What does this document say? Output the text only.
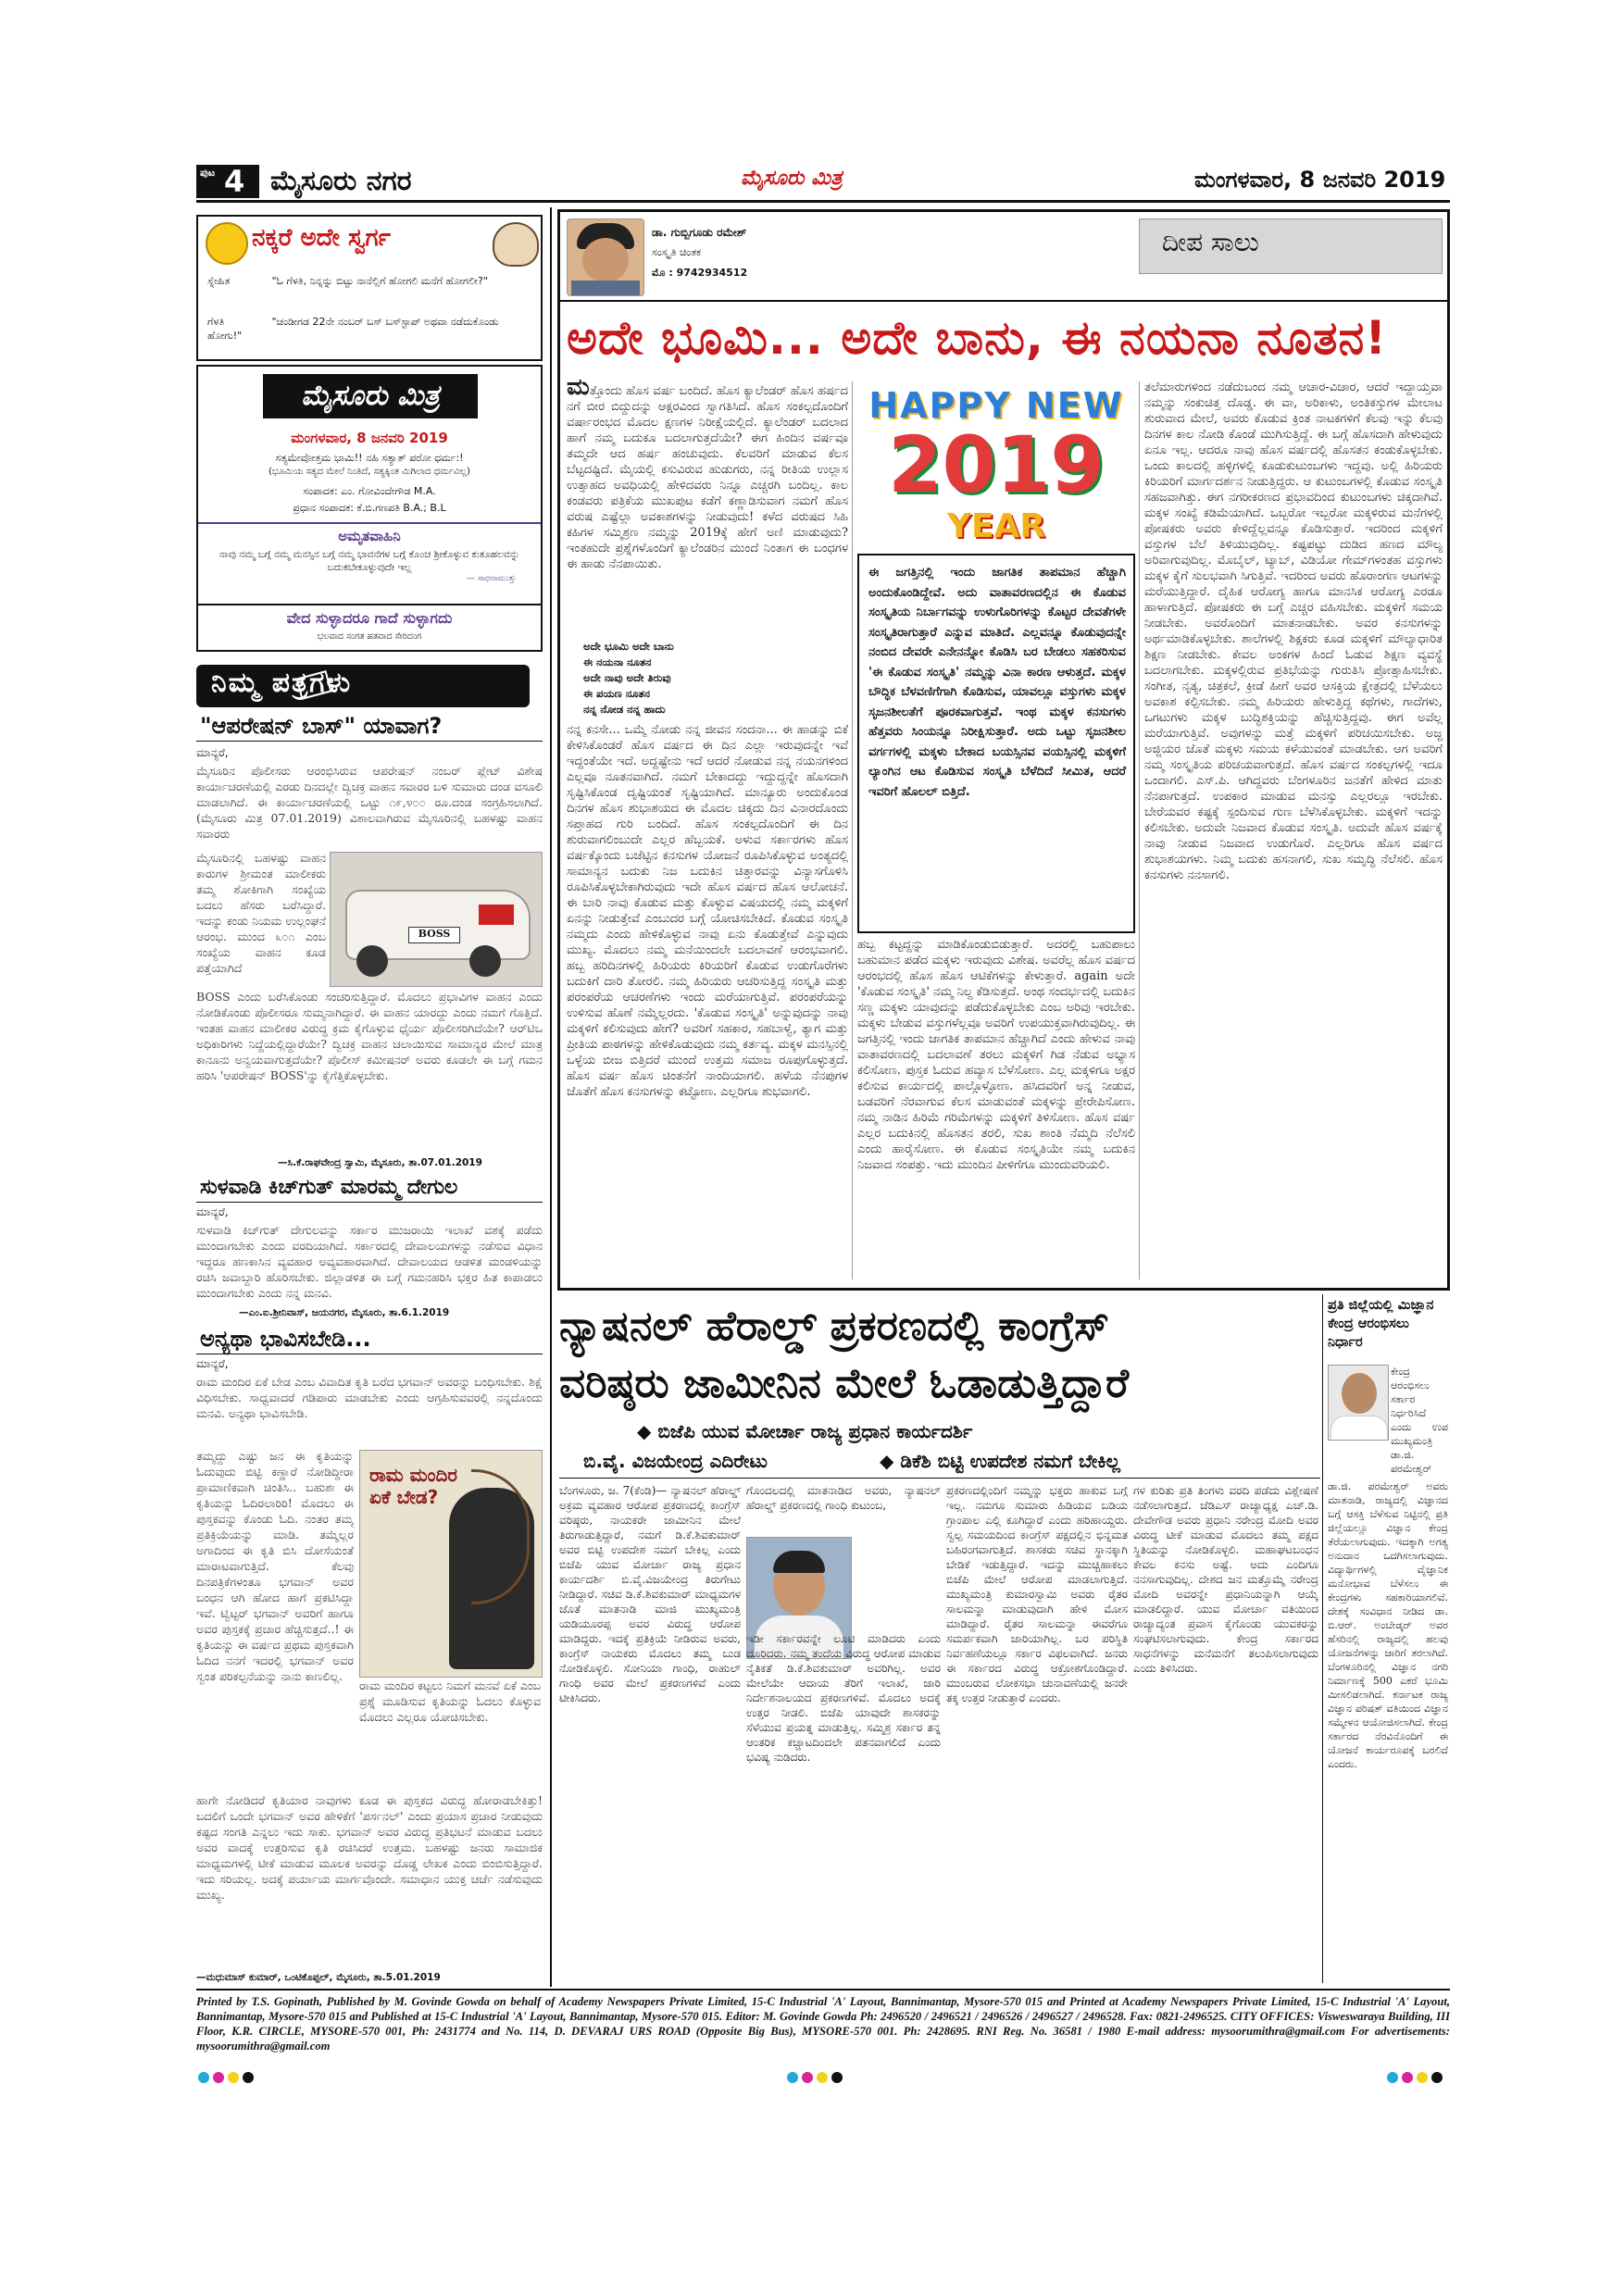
ಪುಟ 4 ಮೈಸೂರು ನಗರ	ಮೈಸೂರು ಮಿತ್ರ	ಮಂಗಳವಾರ, 8 ಜನವರಿ 2019
ನಕ್ಕರೆ ಅದೇ ಸ್ವರ್ಗ
ಸ್ನೇಹಿತ	"ಓ ಗೆಳತಿ, ನಿನ್ನನ್ನು ಬಿಟ್ಟು ನಾನೆಲ್ಲಿಗೆ ಹೋಗಲಿ ಮನೆಗೆ ಹೋಗಲೀ?"
ಗೆಳತಿ	"ಚಂಡೀಗಡ 22ನೇ ನಂಬರ್ ಬಸ್ ಬಸ್‌ಸ್ಟಾಪ್ ಅಥವಾ ನಡೆದುಕೊಂಡು ಹೋಗು!"
ಮೈಸೂರು ಮಿತ್ರ
ಮಂಗಳವಾರ, 8 ಜನವರಿ 2019
ಸತ್ಯಮೇವೋತ್ತಮ ಭಾಮಿ!! ನಹಿ ಸತ್ಯಾತ್ ಪರೋ ಧರ್ಮ:!
(ಭೂಮಿಯ ಸತ್ಯದ ಮೇಲೆ ನಿಂತಿದೆ, ಸತ್ಯಕ್ಕಿಂತ ಮಿಗಿಲಾದ ಧರ್ಮವಿಲ್ಲ)
ಸಂಪಾದಕ: ಎಂ. ಗೋವಿಂದೇಗೌಡ M.A.
ಪ್ರಧಾನ ಸಂಪಾದಕ: ಕೆ.ಬಿ.ಗಣಪತಿ B.A.; B.L
ಅಮೃತವಾಹಿನಿ
ನಾವು ನಮ್ಮ ಬಗ್ಗೆ ನಮ್ಮ ಮನಸ್ಸಿನ ಬಗ್ಗೆ ನಮ್ಮ ಭಾವನೆಗಳ ಬಗ್ಗೆ ಕೊಂಚ ಶ್ರೀಕೊಳ್ಳುವ ಕುತೂಹಲವನ್ನು ಬದುಕಬೇಕೂಳ್ಳುವುದೇ ಇಲ್ಲ
— ಸಾಧನಾಮುತ್ತು
ವೇದ ಸುಳ್ಳಾದರೂ ಗಾದೆ ಸುಳ್ಳಾಗದು
ಭಲವಾದ ಸಂಗತ ಹತವಾದ ಸೇರಿದಂಗ
ನಿಮ್ಮ ಪತ್ರಗಳು
"ಆಪರೇಷನ್ ಬಾಸ್" ಯಾವಾಗ?
ಮಾನ್ಯರೆ,
ಮೈಸೂರಿನ ಪೊಲೀಸರು ಆರಂಭಿಸಿರುವ ಆಪರೇಷನ್ ನಂಬರ್ ಪ್ಲೇಟ್ ವಿಶೇಷ ಕಾರ್ಯಾಚರಣೆಯಲ್ಲಿ ಎರಡು ದಿನದಲ್ಲೇ ದ್ವಿಚಕ್ರ ವಾಹನ ಸವಾರರ ಬಳಿ ಸುಮಾರು ದಂಡ ವಸೂಲಿ ಮಾಡಲಾಗಿದೆ. ಈ ಕಾರ್ಯಾಚರಣೆಯಲ್ಲಿ ಒಟ್ಟು ೧೯,೪೦೦ ರೂ.ದಂಡ ಸಂಗ್ರಹಿಸಲಾಗಿದೆ. (ಮೈಸೂರು ಮಿತ್ರ 07.01.2019) ವಿಶಾಲವಾಗಿರುವ ಮೈಸೂರಿನಲ್ಲಿ ಬಹಳಷ್ಟು ವಾಹನ ಸವಾರರು
ಮೈಸೂರಿನಲ್ಲಿ ಬಹಳಷ್ಟು ವಾಹನ ಕಾರುಗಳ ಶ್ರೀಮಂತ ಮಾಲೀಕರು ತಮ್ಮ ಶೋಕಿಗಾಗಿ ಸಂಖ್ಯೆಯ ಬದಲು ಹೆಸರು ಬರೆಸಿದ್ದಾರೆ. ಇದನ್ನು ಕಂಡು ನಿಯಮ ಉಲ್ಲಂಘನೆ ಆರಂಭ. ಮುಂದ ೩೦೧ ಎಂಬ ಸಂಖ್ಯೆಯ ವಾಹನ ಕೂಡ ಪತ್ತೆಯಾಗಿದೆ
BOSS
BOSS ಎಂದು ಬರೆಸಿಕೊಂಡು ಸಂಚರಿಸುತ್ತಿದ್ದಾರೆ. ಮೊದಲು ಪ್ರಭಾವಿಗಳ ವಾಹನ ಎಂದು ನೋಡಿಕೊಂಡು ಪೊಲೀಸರೂ ಸುಮ್ಮನಾಗಿದ್ದಾರೆ. ಈ ವಾಹನ ಯಾರದ್ದು ಎಂದು ನಮಗೆ ಗೊತ್ತಿದೆ. ಇಂತಹ ವಾಹನ ಮಾಲೀಕರ ವಿರುದ್ಧ ಕ್ರಮ ಕೈಗೊಳ್ಳುವ ಧೈರ್ಯ ಪೊಲೀಸರಿಗಿದೆಯೇ? ಆರ್‌ಟಿಒ ಅಧಿಕಾರಿಗಳು ನಿದ್ದೆಯಲ್ಲಿದ್ದಾರೆಯೇ? ದ್ವಿಚಕ್ರ ವಾಹನ ಚಲಾಯಿಸುವ ಸಾಮಾನ್ಯರ ಮೇಲೆ ಮಾತ್ರ ಕಾನೂನು ಅನ್ವಯವಾಗುತ್ತದೆಯೇ? ಪೊಲೀಸ್ ಕಮೀಷನರ್ ಅವರು ಕೂಡಲೇ ಈ ಬಗ್ಗೆ ಗಮನ ಹರಿಸಿ 'ಆಪರೇಷನ್ BOSS'ನ್ನು ಕೈಗೆತ್ತಿಕೊಳ್ಳಬೇಕು.
—ಸಿ.ಕೆ.ರಾಘವೇಂದ್ರ ಸ್ವಾಮಿ, ಮೈಸೂರು, ತಾ.07.01.2019
ಸುಳವಾಡಿ ಕಿಚ್‌ಗುತ್ ಮಾರಮ್ಮ ದೇಗುಲ
ಮಾನ್ಯರೆ,
ಸುಳವಾಡಿ ಕಿಚ್‌ಗುತ್ ದೇಗುಲವನ್ನು ಸರ್ಕಾರ ಮುಜರಾಯಿ ಇಲಾಖೆ ವಶಕ್ಕೆ ಪಡೆದು ಮುಂದಾಗಬೇಕು ಎಂದು ವರದಿಯಾಗಿದೆ. ಸರ್ಕಾರದಲ್ಲಿ ದೇವಾಲಯಗಳನ್ನು ನಡೆಸುವ ವಿಧಾನ ಇದ್ದರೂ ಹಣಕಾಸಿನ ವ್ಯವಹಾರ ಅವ್ಯವಹಾರವಾಗಿದೆ. ದೇವಾಲಯದ ಆಡಳಿತ ಮಂಡಳಿಯನ್ನು ರಚಿಸಿ ಜವಾಬ್ದಾರಿ ಹೊರಿಸಬೇಕು. ಜಿಲ್ಲಾಡಳಿತ ಈ ಬಗ್ಗೆ ಗಮನಹರಿಸಿ ಭಕ್ತರ ಹಿತ ಕಾಪಾಡಲು ಮುಂದಾಗಬೇಕು ಎಂದು ನನ್ನ ಮನವಿ.
—ಎಂ.ಐ.ಶ್ರೀನಿವಾಸ್, ಜಯನಗರ, ಮೈಸೂರು, ತಾ.6.1.2019
ಅನ್ಯಥಾ ಭಾವಿಸಬೇಡಿ...
ಮಾನ್ಯರೆ,
ರಾಮ ಮಂದಿರ ಏಕೆ ಬೇಡ ಎಂಬ ವಿವಾದಿತ ಕೃತಿ ಬರೆದ ಭಗವಾನ್ ಅವರನ್ನು ಬಂಧಿಸಬೇಕು. ಶಿಕ್ಷೆ ವಿಧಿಸಬೇಕು. ಸಾಧ್ವವಾದರೆ ಗಡಿಪಾರು ಮಾಡಬೇಕು ಎಂದು ಆಗ್ರಹಿಸುವವರಲ್ಲಿ ನನ್ನದೊಂದು ಮನವಿ. ಅನ್ಯಥಾ ಭಾವಿಸಬೇಡಿ.
ತಮ್ಮದ್ದು ಎಷ್ಟು ಜನ ಈ ಕೃತಿಯನ್ನು ಓದುವುದು ಬಿಟ್ಟಿ ಕಣ್ಣಾರೆ ನೋಡಿದ್ದೀರಾ ಪ್ರಾಮಾಣಿಕವಾಗಿ ಚಿಂತಿಸಿ.. ಬಹುಶಃ ಈ ಕೃತಿಯನ್ನು ಓದಿರಲಾರಿರಿ! ಮೊದಲು ಈ ಪುಸ್ತಕವನ್ನು ಕೊಂಡು ಓದಿ. ನಂತರ ತಮ್ಮ ಪ್ರತಿಕ್ರಿಯೆಯನ್ನು ಮಾಡಿ. ತಮ್ಮೆಲ್ಲರ ಅಗಾದಿಂದ ಈ ಕೃತಿ ಬಿಸಿ ದೋಸೆಯಂತೆ ಮಾರಾಟವಾಗುತ್ತಿದೆ. ಕೆಲವು ದಿನಪತ್ರಿಕೆಗಳಂತೂ ಭಗವಾನ್ ಅವರ ಬಂಧನ ಆಗಿ ಹೋದ ಹಾಗೆ ಪ್ರಕಟಿಸಿದ್ದಾ ಇವೆ. ಟ್ವಿಟ್ಟರ್ ಭಗವಾನ್ ಅವರಿಗೆ ಹಾಗೂ ಅವರ ಪುಸ್ತಕಕ್ಕೆ ಪ್ರಚಾರ ಹೆಚ್ಚಿಸುತ್ತದೆ..! ಈ ಕೃತಿಯನ್ನು ಈ ವರ್ಷದ ಪ್ರಥಮ ಪುಸ್ತಕವಾಗಿ ಓದಿದ ನನಗೆ ಇದರಲ್ಲಿ ಭಗವಾನ್ ಅವರ ಸ್ವಂತ ಪರಿಕಲ್ಪನೆಯನ್ನು ನಾನು ಕಾಣಲಿಲ್ಲ.
ರಾಮ ಮಂದಿರ ಏಕೆ ಬೇಡ?
ರಾಮ ಮಂದಿರ ಕಟ್ಟಲು ನಿಮಗೆ ಮನವೆ ಏಕೆ ಎಂಬ ಪ್ರಶ್ನೆ ಮೂಡಿಸುವ ಕೃತಿಯನ್ನು ಓದಲು ಕೊಳ್ಳುವ ಮೊದಲು ಎಲ್ಲರೂ ಯೋಚಿಸಬೇಕು.
ಹಾಗೇ ನೋಡಿದರೆ ಕೃತಿಯಾರ ನಾವುಗಳು ಕೂಡ ಈ ಪುಸ್ತಕದ ವಿರುದ್ಧ ಹೋರಾಡಬೇಕಿತ್ತು! ಬದಲಿಗೆ ಒಂದೇ ಭಗವಾನ್ ಅವರ ಹೇಳಿಕೆಗೆ 'ಪರ್ಸನಲ್' ಎಂದು ಪ್ರಯಾಸ ಪ್ರಚಾರ ನೀಡುವುದು ಕಷ್ಟದ ಸಂಗತಿ ಎನ್ನಲು ಇದು ಸಾಕು. ಭಗವಾನ್ ಅವರ ವಿರುದ್ಧ ಪ್ರತಿಭಟನೆ ಮಾಡುವ ಬದಲು ಅವರ ವಾದಕ್ಕೆ ಉತ್ತರಿಸುವ ಕೃತಿ ರಚಿಸಿದರೆ ಉತ್ತಮ. ಬಹಳಷ್ಟು ಜನರು ಸಾಮಾಜಿಕ ಮಾಧ್ಯಮಗಳಲ್ಲಿ ಟೀಕೆ ಮಾಡುವ ಮೂಲಕ ಅವರನ್ನು ದೊಡ್ಡ ಲೇಖಕ ಎಂದು ಬಿಂಬಿಸುತ್ತಿದ್ದಾರೆ. ಇದು ಸರಿಯಲ್ಲ. ಅದಕ್ಕೆ ಪರ್ಯಾಯ ಮಾರ್ಗವೊಂದೇ. ಸಮಾಧಾನ ಯುಕ್ತ ಚರ್ಚೆ ನಡೆಸುವುದು ಮುಖ್ಯ.
—ಮಧುಮಾಸ್ ಕುಮಾರ್, ಒಂಟಿಕೊಪ್ಪಲ್, ಮೈಸೂರು, ತಾ.5.01.2019
ಡಾ. ಗುಬ್ಬಿಗೂಡು ರಮೇಶ್
ಸಂಸ್ಕೃತಿ ಚಿಂತಕ
ಮೊ : 9742934512
ದೀಪ ಸಾಲು
ಅದೇ ಭೂಮಿ... ಅದೇ ಬಾನು, ಈ ನಯನಾ ನೂತನ!
ಮತ್ತೊಂದು ಹೊಸ ವರ್ಷ ಬಂದಿದೆ. ಹೊಸ ಕ್ಯಾಲೆಂಡರ್ ಹೊಸ ಹರ್ಷದ ನಗೆ ಬೀರ ಬಿದ್ದುದನ್ನು ಆಕ್ಷರವಿಂದ ಸ್ವಾಗತಿಸಿದೆ. ಹೊಸ ಸಂಕಲ್ಪದೊಂದಿಗೆ ವರ್ಷಾರಂಭದ ಮೊದಲ ಕ್ಷಣಗಳ ನಿರೀಕ್ಷೆಯಲ್ಲಿದೆ. ಕ್ಯಾಲೆಂಡರ್ ಬದಲಾದ ಹಾಗೆ ನಮ್ಮ ಬದುಕೂ ಬದಲಾಗುತ್ತದೆಯೇ? ಈಗ ಹಿಂದಿನ ವರ್ಷವೂ ತಮ್ಮದೇ ಆದ ಹರ್ಷ ಹಂಚುವುದು. ಕೆಲವರಿಗೆ ಮಾಡುವ ಕೆಲಸ ಬೆಟ್ಟದಷ್ಟಿದೆ. ಮೈಯಲ್ಲಿ ಕಸುವಿರುವ ಹುಡುಗರು, ನನ್ನ ರೀತಿಯ ಉಲ್ಲಾಸ ಉತ್ಸಾಹದ ಅವಧಿಯಲ್ಲಿ ಹೇಳಿದವರು ನಿನ್ನೂ ಎಚ್ಚರಗಿ ಬಂದಿಲ್ಲ. ಕಾಲ ಕಂಡವರು ಪತ್ರಿಕೆಯ ಮುಖಪುಟ ಕಡೆಗೆ ಕಣ್ಣಾಡಿಸುವಾಗ ನಮಗೆ ಹೊಸ ವರುಷ ಎಷ್ಟೆಲ್ಲಾ ಅವಕಾಶಗಳನ್ನು ನೀಡುವುದು! ಕಳೆದ ವರುಷದ ಸಿಹಿ ಕಹಿಗಳ ಸಮ್ಮಿಶ್ರಣ ನಮ್ಮನ್ನು 2019ಕ್ಕೆ ಹೇಗೆ ಅಣಿ ಮಾಡುವುದು? ಇಂತಹುದೇ ಪ್ರಶ್ನೆಗಳೊಂದಿಗೆ ಕ್ಯಾಲೆಂಡರಿನ ಮುಂದೆ ನಿಂತಾಗ ಈ ಬಂಧಗಳ ಈ ಹಾಡು ನೆನಪಾಯಿತು.
ಅದೇ ಭೂಮಿ ಅದೇ ಬಾನು
ಈ ನಯನಾ ನೂತನ
ಅದೇ ನಾವು ಅದೇ ತಿರುವು
ಈ ಪಯಣ ನೂತನ
ನನ್ನ ನೋಡ ನನ್ನ ಹಾದು
ನನ್ನ ಕನಸೇ... ಒಮ್ಮೆ ನೋಡು ನನ್ನ ಜೀವನ ಸಂದನಾ... ಈ ಹಾಡನ್ನು ಬಿಕೆ ಕೇಳಿಸಿಕೊಂಡರೆ ಹೊಸ ವರ್ಷದ ಈ ದಿನ ಎಲ್ಲಾ ಇರುವುದನ್ನೇ ಇವೆ ಇದ್ದಂತೆಯೇ ಇದೆ. ಅದ್ದಷ್ಟೇನು ಇದೆ ಆದರೆ ನೋಡುವ ನನ್ನ ನಯನಗಳಿಂದ ಎಲ್ಲವೂ ನೂತನವಾಗಿದೆ. ನಮಗೆ ಬೇಕಾದದ್ದು ಇದ್ದುದ್ದನ್ನೇ ಹೊಸದಾಗಿ ಸೃಷ್ಟಿಸಿಕೊಂಡ ದೃಷ್ಟಿಯಂತೆ ಸೃಷ್ಟಿಯಾಗಿದೆ. ಮಾನ್ಯೂರು ಅಂದುಕೊಂಡ ದಿನಗಳ ಹೊಸ ಶುಭಾಶಯದ ಈ ಮೊದಲ ಚಿಕ್ಕದು ದಿನ ವಿನಾರದೊಂದು ಸಪ್ತಾಹದ ಗುರಿ ಬಂದಿದೆ. ಹೊಸ ಸಂಕಲ್ಪದೊಂದಿಗೆ ಈ ದಿನ ಶುರುವಾಗಲಿಂಬುದೇ ಎಲ್ಲರ ಹೆಬ್ಬಯಕೆ. ಅಳುವ ಸರ್ಕಾರಗಳು ಹೊಸ ವರ್ಷಕ್ಕೊಂದು ಬಜೆಟ್ಟಿನ ಕನಸುಗಳ ಯೋಜನೆ ರೂಪಿಸಿಕೊಳ್ಳುವ ಅಂತ್ಯದಲ್ಲಿ ಸಾಮಾನ್ಯನ ಬದುಕು ನಿಜ ಬದುಕಿನ ಚಿತ್ತಾರವನ್ನು ವಿನ್ಯಾಸಗೊಳಿಸಿ ರೂಪಿಸಿಕೊಳ್ಳಬೇಕಾಗಿರುವುದು ಇದೇ ಹೊಸ ವರ್ಷದ ಹೊಸ ಆಲೋಚನೆ. ಈ ಬಾರಿ ನಾವು ಕೊಡುವ ಮತ್ತು ಕೊಳ್ಳುವ ವಿಷಯದಲ್ಲಿ ನಮ್ಮ ಮಕ್ಕಳಿಗೆ ಏನನ್ನು ನೀಡುತ್ತೇವೆ ಎಂಬುದರ ಬಗ್ಗೆ ಯೋಚಿಸಬೇಕಿದೆ. ಕೊಡುವ ಸಂಸ್ಕೃತಿ ನಮ್ಮದು ಎಂದು ಹೇಳಿಕೊಳ್ಳುವ ನಾವು ಏನು ಕೊಡುತ್ತೇವೆ ಎನ್ನುವುದು ಮುಖ್ಯ. ಮೊದಲು ನಮ್ಮ ಮನೆಯಿಂದಲೇ ಬದಲಾವಣೆ ಆರಂಭವಾಗಲಿ. ಹಬ್ಬ ಹರಿದಿನಗಳಲ್ಲಿ ಹಿರಿಯರು ಕಿರಿಯರಿಗೆ ಕೊಡುವ ಉಡುಗೊರೆಗಳು ಬದುಕಿಗೆ ದಾರಿ ತೋರಲಿ. ನಮ್ಮ ಹಿರಿಯರು ಆಚರಿಸುತ್ತಿದ್ದ ಸಂಸ್ಕೃತಿ ಮತ್ತು ಪರಂಪರೆಯ ಆಚರಣೆಗಳು ಇಂದು ಮರೆಯಾಗುತ್ತಿವೆ. ಪರಂಪರೆಯನ್ನು ಉಳಿಸುವ ಹೊಣೆ ನಮ್ಮೆಲ್ಲರದು. 'ಕೊಡುವ ಸಂಸ್ಕೃತಿ' ಅನ್ನುವುದನ್ನು ನಾವು ಮಕ್ಕಳಿಗೆ ಕಲಿಸುವುದು ಹೇಗೆ? ಅವರಿಗೆ ಸಹಕಾರ, ಸಹಬಾಳ್ವೆ, ತ್ಯಾಗ ಮತ್ತು ಪ್ರೀತಿಯ ಪಾಠಗಳನ್ನು ಹೇಳಿಕೊಡುವುದು ನಮ್ಮ ಕರ್ತವ್ಯ. ಮಕ್ಕಳ ಮನಸ್ಸಿನಲ್ಲಿ ಒಳ್ಳೆಯ ಬೀಜ ಬಿತ್ತಿದರೆ ಮುಂದೆ ಉತ್ತಮ ಸಮಾಜ ರೂಪುಗೊಳ್ಳುತ್ತದೆ. ಹೊಸ ವರ್ಷ ಹೊಸ ಚಿಂತನೆಗೆ ನಾಂದಿಯಾಗಲಿ. ಹಳೆಯ ನೆನಪುಗಳ ಜೊತೆಗೆ ಹೊಸ ಕನಸುಗಳನ್ನು ಕಟ್ಟೋಣ. ಎಲ್ಲರಿಗೂ ಶುಭವಾಗಲಿ.
HAPPY NEW
2019
YEAR
ಈ ಜಗತ್ತಿನಲ್ಲಿ ಇಂದು ಜಾಗತಿಕ ತಾಪಮಾನ ಹೆಚ್ಚಾಗಿ ಅಂದುಕೊಂಡಿದ್ದೇವೆ. ಅದು ವಾತಾವರಣದಲ್ಲಿನ ಈ ಕೊಡುವ ಸಂಸ್ಕೃತಿಯ ನಿರ್ಬಾಗವನ್ನು ಉಳುಗೊರಿಗಳನ್ನು ಕೊಟ್ಟರ ದೇವತೆಗಳೇ ಸಂಸ್ಕೃತಿರಾಗುತ್ತಾರೆ ಎನ್ನುವ ಮಾತಿದೆ. ಎಲ್ಲವನ್ನೂ ಕೊಡುವುದನ್ನೇ ನಂಬಿದ ದೇವರೇ ಎನೇನನ್ನೋ ಕೊಡಿಸಿ ಬರ ಬೇಡಲು ಸಹಕರಿಸುವ 'ಈ ಕೊಡುವ ಸಂಸ್ಕೃತಿ' ನಮ್ಮನ್ನು ವಿನಾ ಕಾರಣ ಆಳುತ್ತದೆ. ಮಕ್ಕಳ ಬೌದ್ಧಿಕ ಬೆಳವಣಿಗೆಗಾಗಿ ಕೊಡಿಸುವ, ಯಾವಲ್ಲೂ ವಸ್ತುಗಳು ಮಕ್ಕಳ ಸೃಜನಶೀಲತೆಗೆ ಪೂರಕವಾಗುತ್ತವೆ. ಇಂಥ ಮಕ್ಕಳ ಕನಸುಗಳು ಹೆತ್ತವರು ಸಿಂಯನ್ನೂ ನಿರೀಕ್ಷಿಸುತ್ತಾರೆ. ಅದು ಒಟ್ಟು ಸೃಜನಶೀಲ ವರ್ಗಗಳಲ್ಲಿ ಮಕ್ಕಳು ಬೇಕಾದ ಬಯಸ್ಸಿನವ ವಯಸ್ಸಿನಲ್ಲಿ ಮಕ್ಕಳಿಗೆ ಲ್ಯಾಂಗಿನ ಆಟ ಕೊಡಿಸುವ ಸಂಸ್ಕೃತಿ ಬೆಳೆದಿದೆ ಸೀಮಿತ, ಆದರೆ ಇವರಿಗೆ ಹೊಲಲ್ ಬಿತ್ತಿದೆ.
ಹಬ್ಬ ಕಟ್ಟದ್ದನ್ನು ಮಾಡಿಕೊಂಡುಬಿಡುತ್ತಾರೆ. ಅದರಲ್ಲಿ ಬಹುಪಾಲು ಬಹುಮಾನ ಪಡೆದ ಮಕ್ಕಳು ಇರುವುದು ವಿಶೇಷ. ಅವರೆಲ್ಲ ಹೊಸ ವರ್ಷದ ಆರಂಭದಲ್ಲಿ ಹೊಸ ಹೊಸ ಆಟಿಕೆಗಳನ್ನು ಕೇಳುತ್ತಾರೆ. again ಅದೇ 'ಕೊಡುವ ಸಂಸ್ಕೃತಿ' ನಮ್ಮ ನಿಲ್ದ ಕೆಡಿಸುತ್ತದೆ. ಅಂಥ ಸಂದರ್ಭದಲ್ಲಿ ಬದುಕಿನ ಸಣ್ಣ ಮಕ್ಕಳು ಯಾವುದನ್ನು ಪಡೆದುಕೊಳ್ಳಬೇಕು ಎಂಬ ಅರಿವು ಇರಬೇಕು. ಮಕ್ಕಳು ಬೇಡುವ ವಸ್ತುಗಳೆಲ್ಲವೂ ಅವರಿಗೆ ಉಪಯುಕ್ತವಾಗಿರುವುದಿಲ್ಲ. ಈ ಜಗತ್ತಿನಲ್ಲಿ ಇಂದು ಜಾಗತಿಕ ತಾಪಮಾನ ಹೆಚ್ಚಾಗಿದೆ ಎಂದು ಹೇಳುವ ನಾವು ವಾತಾವರಣದಲ್ಲಿ ಬದಲಾವಣೆ ತರಲು ಮಕ್ಕಳಿಗೆ ಗಿಡ ನೆಡುವ ಅಭ್ಯಾಸ ಕಲಿಸೋಣ. ಪುಸ್ತಕ ಓದುವ ಹವ್ಯಾಸ ಬೆಳೆಸೋಣ. ಎಲ್ಲ ಮಕ್ಕಳಿಗೂ ಅಕ್ಷರ ಕಲಿಸುವ ಕಾರ್ಯದಲ್ಲಿ ಪಾಲ್ಗೊಳ್ಳೋಣ. ಹಸಿದವರಿಗೆ ಅನ್ನ ನೀಡುವ, ಬಡವರಿಗೆ ನೆರವಾಗುವ ಕೆಲಸ ಮಾಡುವಂತೆ ಮಕ್ಕಳನ್ನು ಪ್ರೇರೇಪಿಸೋಣ. ನಮ್ಮ ನಾಡಿನ ಹಿರಿಮೆ ಗರಿಮೆಗಳನ್ನು ಮಕ್ಕಳಿಗೆ ತಿಳಿಸೋಣ. ಹೊಸ ವರ್ಷ ಎಲ್ಲರ ಬದುಕಿನಲ್ಲಿ ಹೊಸತನ ತರಲಿ, ಸುಖ ಶಾಂತಿ ನೆಮ್ಮದಿ ನೆಲೆಸಲಿ ಎಂದು ಹಾರೈಸೋಣ. ಈ ಕೊಡುವ ಸಂಸ್ಕೃತಿಯೇ ನಮ್ಮ ಬದುಕಿನ ನಿಜವಾದ ಸಂಪತ್ತು. ಇದು ಮುಂದಿನ ಪೀಳಿಗೆಗೂ ಮುಂದುವರಿಯಲಿ.
ತಲೆಮಾರುಗಳಿಂದ ನಡೆದುಬಂದ ನಮ್ಮ ಆಚಾರ-ವಿಚಾರ, ಆದರೆ ಇದ್ದಾಯ್ತವಾ ನಮ್ಮನ್ನು ಸಂಕುಚಿತ್ತ ದೊಡ್ಡ. ಈ ವಾ, ಅರಿಕಾಳು, ಅಂತಿಕಸ್ತುಗಳ ಮೇಲಾಟ ಶುರುವಾದ ಮೇಲೆ, ಅವರು ಕೊಡುವ ಕ್ರಿಂತ ನಾಟಕಗಳಿಗೆ ಕೆಲವು ಇನ್ನು ಕೆಲವು ದಿನಗಳ ಕಾಲ ನೋಡಿ ಕೊಂಡೆ ಮುಗಿಸುತ್ತಿದ್ದೆ. ಈ ಬಗ್ಗೆ ಹೊಸದಾಗಿ ಹೇಳುವುದು ಏನೂ ಇಲ್ಲ. ಆದರೂ ನಾವು ಹೊಸ ವರ್ಷದಲ್ಲಿ ಹೊಸತನ ಕಂಡುಕೊಳ್ಳಬೇಕು. ಒಂದು ಕಾಲದಲ್ಲಿ ಹಳ್ಳಿಗಳಲ್ಲಿ ಕೂಡುಕುಟುಂಬಗಳು ಇದ್ದವು. ಅಲ್ಲಿ ಹಿರಿಯರು ಕಿರಿಯರಿಗೆ ಮಾರ್ಗದರ್ಶನ ನೀಡುತ್ತಿದ್ದರು. ಆ ಕುಟುಂಬಗಳಲ್ಲಿ ಕೊಡುವ ಸಂಸ್ಕೃತಿ ಸಹಜವಾಗಿತ್ತು. ಈಗ ನಗರೀಕರಣದ ಪ್ರಭಾವದಿಂದ ಕುಟುಂಬಗಳು ಚಿಕ್ಕದಾಗಿವೆ. ಮಕ್ಕಳ ಸಂಖ್ಯೆ ಕಡಿಮೆಯಾಗಿದೆ. ಒಬ್ಬರೋ ಇಬ್ಬರೋ ಮಕ್ಕಳಿರುವ ಮನೆಗಳಲ್ಲಿ ಪೋಷಕರು ಅವರು ಕೇಳಿದ್ದೆಲ್ಲವನ್ನೂ ಕೊಡಿಸುತ್ತಾರೆ. ಇದರಿಂದ ಮಕ್ಕಳಿಗೆ ವಸ್ತುಗಳ ಬೆಲೆ ತಿಳಿಯುವುದಿಲ್ಲ. ಕಷ್ಟಪಟ್ಟು ದುಡಿದ ಹಣದ ಮೌಲ್ಯ ಅರಿವಾಗುವುದಿಲ್ಲ. ಮೊಬೈಲ್, ಟ್ಯಾಬ್, ವಿಡಿಯೋ ಗೇಮ್‌ಗಳಂತಹ ವಸ್ತುಗಳು ಮಕ್ಕಳ ಕೈಗೆ ಸುಲಭವಾಗಿ ಸಿಗುತ್ತಿವೆ. ಇದರಿಂದ ಅವರು ಹೊರಾಂಗಣ ಆಟಗಳನ್ನು ಮರೆಯುತ್ತಿದ್ದಾರೆ. ದೈಹಿಕ ಆರೋಗ್ಯ ಹಾಗೂ ಮಾನಸಿಕ ಆರೋಗ್ಯ ಎರಡೂ ಹಾಳಾಗುತ್ತಿದೆ. ಪೋಷಕರು ಈ ಬಗ್ಗೆ ಎಚ್ಚರ ವಹಿಸಬೇಕು. ಮಕ್ಕಳಿಗೆ ಸಮಯ ನೀಡಬೇಕು. ಅವರೊಂದಿಗೆ ಮಾತನಾಡಬೇಕು. ಅವರ ಕನಸುಗಳನ್ನು ಅರ್ಥಮಾಡಿಕೊಳ್ಳಬೇಕು. ಶಾಲೆಗಳಲ್ಲಿ ಶಿಕ್ಷಕರು ಕೂಡ ಮಕ್ಕಳಿಗೆ ಮೌಲ್ಯಾಧಾರಿತ ಶಿಕ್ಷಣ ನೀಡಬೇಕು. ಕೇವಲ ಅಂಕಗಳ ಹಿಂದೆ ಓಡುವ ಶಿಕ್ಷಣ ವ್ಯವಸ್ಥೆ ಬದಲಾಗಬೇಕು. ಮಕ್ಕಳಲ್ಲಿರುವ ಪ್ರತಿಭೆಯನ್ನು ಗುರುತಿಸಿ ಪ್ರೋತ್ಸಾಹಿಸಬೇಕು. ಸಂಗೀತ, ನೃತ್ಯ, ಚಿತ್ರಕಲೆ, ಕ್ರೀಡೆ ಹೀಗೆ ಅವರ ಆಸಕ್ತಿಯ ಕ್ಷೇತ್ರದಲ್ಲಿ ಬೆಳೆಯಲು ಅವಕಾಶ ಕಲ್ಪಿಸಬೇಕು. ನಮ್ಮ ಹಿರಿಯರು ಹೇಳುತ್ತಿದ್ದ ಕಥೆಗಳು, ಗಾದೆಗಳು, ಒಗಟುಗಳು ಮಕ್ಕಳ ಬುದ್ಧಿಶಕ್ತಿಯನ್ನು ಹೆಚ್ಚಿಸುತ್ತಿದ್ದವು. ಈಗ ಅವೆಲ್ಲ ಮರೆಯಾಗುತ್ತಿವೆ. ಅವುಗಳನ್ನು ಮತ್ತೆ ಮಕ್ಕಳಿಗೆ ಪರಿಚಯಿಸಬೇಕು. ಅಜ್ಜ ಅಜ್ಜಿಯರ ಜೊತೆ ಮಕ್ಕಳು ಸಮಯ ಕಳೆಯುವಂತೆ ಮಾಡಬೇಕು. ಆಗ ಅವರಿಗೆ ನಮ್ಮ ಸಂಸ್ಕೃತಿಯ ಪರಿಚಯವಾಗುತ್ತದೆ. ಹೊಸ ವರ್ಷದ ಸಂಕಲ್ಪಗಳಲ್ಲಿ ಇದೂ ಒಂದಾಗಲಿ. ಎಸ್.ಪಿ. ಆಗಿದ್ದವರು ಬೆಂಗಳೂರಿನ ಜನತೆಗೆ ಹೇಳಿದ ಮಾತು ನೆನಪಾಗುತ್ತದೆ. ಉಪಕಾರ ಮಾಡುವ ಮನಸ್ಸು ಎಲ್ಲರಲ್ಲೂ ಇರಬೇಕು. ಬೇರೆಯವರ ಕಷ್ಟಕ್ಕೆ ಸ್ಪಂದಿಸುವ ಗುಣ ಬೆಳೆಸಿಕೊಳ್ಳಬೇಕು. ಮಕ್ಕಳಿಗೆ ಇದನ್ನು ಕಲಿಸಬೇಕು. ಅದುವೇ ನಿಜವಾದ ಕೊಡುವ ಸಂಸ್ಕೃತಿ. ಅದುವೇ ಹೊಸ ವರ್ಷಕ್ಕೆ ನಾವು ನೀಡುವ ನಿಜವಾದ ಉಡುಗೊರೆ. ಎಲ್ಲರಿಗೂ ಹೊಸ ವರ್ಷದ ಶುಭಾಶಯಗಳು. ನಿಮ್ಮ ಬದುಕು ಹಸನಾಗಲಿ, ಸುಖ ಸಮೃದ್ಧಿ ನೆಲೆಸಲಿ. ಹೊಸ ಕನಸುಗಳು ನನಸಾಗಲಿ.
ನ್ಯಾಷನಲ್ ಹೆರಾಲ್ಡ್ ಪ್ರಕರಣದಲ್ಲಿ ಕಾಂಗ್ರೆಸ್
ವರಿಷ್ಠರು ಜಾಮೀನಿನ ಮೇಲೆ ಓಡಾಡುತ್ತಿದ್ದಾರೆ
◆ ಬಿಜೆಪಿ ಯುವ ಮೋರ್ಚಾ ರಾಜ್ಯ ಪ್ರಧಾನ ಕಾರ್ಯದರ್ಶಿ
ಬಿ.ವೈ. ವಿಜಯೇಂದ್ರ ಎದಿರೇಟು	◆ ಡಿಕೆಶಿ ಬಿಟ್ಟಿ ಉಪದೇಶ ನಮಗೆ ಬೇಕಿಲ್ಲ
ಬೆಂಗಳೂರು, ಜ. 7(ಕೆಂಡಿ)— ನ್ಯಾಷನಲ್ ಹೆರಾಲ್ಡ್ ಅಕ್ರಮ ವ್ಯವಹಾರ ಆರೋಪ ಪ್ರಕರಣದಲ್ಲಿ ಕಾಂಗ್ರೆಸ್ ವರಿಷ್ಠರು, ನಾಯಕರೇ ಜಾಮೀನಿನ ಮೇಲೆ ತಿರುಗಾಡುತ್ತಿದ್ದಾರೆ, ನಮಗೆ ಡಿ.ಕೆ.ಶಿವಕುಮಾರ್ ಅವರ ಬಿಟ್ಟಿ ಉಪದೇಶ ನಮಗೆ ಬೇಕಿಲ್ಲ ಎಂದು ಬಿಜೆಪಿ ಯುವ ಮೋರ್ಚಾ ರಾಜ್ಯ ಪ್ರಧಾನ ಕಾರ್ಯದರ್ಶಿ ಬಿ.ವೈ.ವಿಜಯೇಂದ್ರ ತಿರುಗೇಟು ನೀಡಿದ್ದಾರೆ. ಸಚಿವ ಡಿ.ಕೆ.ಶಿವಕುಮಾರ್ ಮಾಧ್ಯಮಗಳ ಜೊತೆ ಮಾತನಾಡಿ ಮಾಜಿ ಮುಖ್ಯಮಂತ್ರಿ ಯಡಿಯೂರಪ್ಪ ಅವರ ವಿರುದ್ಧ ಆರೋಪ ಮಾಡಿದ್ದರು. ಇದಕ್ಕೆ ಪ್ರತಿಕ್ರಿಯೆ ನೀಡಿರುವ ಅವರು, ಕಾಂಗ್ರೆಸ್ ನಾಯಕರು ಮೊದಲು ತಮ್ಮ ಬುಡ ನೋಡಿಕೊಳ್ಳಲಿ. ಸೋನಿಯಾ ಗಾಂಧಿ, ರಾಹುಲ್ ಗಾಂಧಿ ಅವರ ಮೇಲೆ ಪ್ರಕರಣಗಳಿವೆ ಎಂದು ಟೀಕಿಸಿದರು.
ಗೊಂದಲದಲ್ಲಿ ಮಾತನಾಡಿದ ಅವರು, ನ್ಯಾಷನಲ್ ಹೆರಾಲ್ಡ್ ಪ್ರಕರಣದಲ್ಲಿ ಗಾಂಧಿ ಕುಟುಂಬ,

ಇಡೀ ಸರ್ಕಾರವನ್ನೇ ಲೂಟಿ ಮಾಡಿದರು ಎಂದು ದೂರಿದರು. ನಮ್ಮ ತಂದೆಯ ವಿರುದ್ಧ ಆರೋಪ ಮಾಡುವ ನೈತಿಕತೆ ಡಿ.ಕೆ.ಶಿವಕುಮಾರ್ ಅವರಿಗಿಲ್ಲ. ಅವರ ಮೇಲೆಯೇ ಆದಾಯ ತೆರಿಗೆ ಇಲಾಖೆ, ಜಾರಿ ನಿರ್ದೇಶನಾಲಯದ ಪ್ರಕರಣಗಳಿವೆ. ಮೊದಲು ಅದಕ್ಕೆ ಉತ್ತರ ನೀಡಲಿ. ಬಿಜೆಪಿ ಯಾವುದೇ ಶಾಸಕರನ್ನು ಸೆಳೆಯುವ ಪ್ರಯತ್ನ ಮಾಡುತ್ತಿಲ್ಲ. ಸಮ್ಮಿಶ್ರ ಸರ್ಕಾರ ತನ್ನ ಆಂತರಿಕ ಕಚ್ಚಾಟದಿಂದಲೇ ಪತನವಾಗಲಿದೆ ಎಂದು ಭವಿಷ್ಯ ನುಡಿದರು.
ಪ್ರಕರಣದಲ್ಲಿಂದಿಗೆ ನಮ್ಮನ್ನು ಭಕ್ತರು ಹಾಕುವ ಬಗ್ಗೆ ಇಲ್ಲ. ನಮಗೂ ಸುಮಾರು ಹಿಡಿಯವ ಬಡಿಯ ಗ್ರಾಂಪಾಲ ಎಲ್ಲಿ ಕೂಗಿದ್ದಾರೆ ಎಂದು ಹರಿಹಾಯ್ದರು. ಸ್ವಲ್ಪ ಸಮಯದಿಂದ ಕಾಂಗ್ರೆಸ್ ಪಕ್ಷದಲ್ಲಿನ ಭಿನ್ನಮತ ಬಹಿರಂಗವಾಗುತ್ತಿದೆ. ಶಾಸಕರು ಸಚಿವ ಸ್ಥಾನಕ್ಕಾಗಿ ಬೇಡಿಕೆ ಇಡುತ್ತಿದ್ದಾರೆ. ಇದನ್ನು ಮುಚ್ಚಿಹಾಕಲು ಬಿಜೆಪಿ ಮೇಲೆ ಆರೋಪ ಮಾಡಲಾಗುತ್ತಿದೆ. ಮುಖ್ಯಮಂತ್ರಿ ಕುಮಾರಸ್ವಾಮಿ ಅವರು ರೈತರ ಸಾಲಮನ್ನಾ ಮಾಡುವುದಾಗಿ ಹೇಳಿ ಮೋಸ ಮಾಡಿದ್ದಾರೆ. ರೈತರ ಸಾಲಮನ್ನಾ ಈವರೆಗೂ ಸಮರ್ಪಕವಾಗಿ ಜಾರಿಯಾಗಿಲ್ಲ. ಬರ ಪರಿಸ್ಥಿತಿ ನಿರ್ವಹಣೆಯಲ್ಲೂ ಸರ್ಕಾರ ವಿಫಲವಾಗಿದೆ. ಜನರು ಈ ಸರ್ಕಾರದ ವಿರುದ್ಧ ಆಕ್ರೋಶಗೊಂಡಿದ್ದಾರೆ. ಮುಂಬರುವ ಲೋಕಸಭಾ ಚುನಾವಣೆಯಲ್ಲಿ ಜನರೇ ತಕ್ಕ ಉತ್ತರ ನೀಡುತ್ತಾರೆ ಎಂದರು.
ಗಳ ಕುರಿತು ಪ್ರತಿ ತಿಂಗಳು ವರದಿ ಪಡೆದು ವಿಶ್ಲೇಷಣೆ ನಡೆಸಲಾಗುತ್ತದೆ. ಜೆಡಿಎಸ್ ರಾಜ್ಯಾಧ್ಯಕ್ಷ ಎಚ್.ಡಿ. ದೇವೇಗೌಡ ಅವರು ಪ್ರಧಾನಿ ನರೇಂದ್ರ ಮೋದಿ ಅವರ ವಿರುದ್ಧ ಟೀಕೆ ಮಾಡುವ ಮೊದಲು ತಮ್ಮ ಪಕ್ಷದ ಸ್ಥಿತಿಯನ್ನು ನೋಡಿಕೊಳ್ಳಲಿ. ಮಹಾಘಟಬಂಧನ ಕೇವಲ ಕನಸು ಅಷ್ಟೆ. ಅದು ಎಂದಿಗೂ ನನಸಾಗುವುದಿಲ್ಲ. ದೇಶದ ಜನ ಮತ್ತೊಮ್ಮೆ ನರೇಂದ್ರ ಮೋದಿ ಅವರನ್ನೇ ಪ್ರಧಾನಿಯನ್ನಾಗಿ ಆಯ್ಕೆ ಮಾಡಲಿದ್ದಾರೆ. ಯುವ ಮೋರ್ಚಾ ವತಿಯಿಂದ ರಾಜ್ಯಾದ್ಯಂತ ಪ್ರವಾಸ ಕೈಗೊಂಡು ಯುವಕರನ್ನು ಸಂಘಟಿಸಲಾಗುವುದು. ಕೇಂದ್ರ ಸರ್ಕಾರದ ಸಾಧನೆಗಳನ್ನು ಮನೆಮನೆಗೆ ತಲುಪಿಸಲಾಗುವುದು ಎಂದು ತಿಳಿಸಿದರು.
ಪ್ರತಿ ಜಿಲ್ಲೆಯಲ್ಲಿ ಮಿಜ್ಞಾನ ಕೇಂದ್ರ ಆರಂಭಿಸಲು ನಿರ್ಧಾರ
ಕೇಂದ್ರ ಆರಂಭಿಸಲು ಸರ್ಕಾರ ನಿರ್ಧರಿಸಿದೆ ಎಂದು ಉಪ ಮುಖ್ಯಮಂತ್ರಿ ಡಾ.ಜಿ. ಪರಮೇಶ್ವರ್
ಡಾ.ಜಿ. ಪರಮೇಶ್ವರ್ ಅವರು ಮಾತನಾಡಿ, ರಾಜ್ಯದಲ್ಲಿ ವಿಜ್ಞಾನದ ಬಗ್ಗೆ ಆಸಕ್ತಿ ಬೆಳೆಸುವ ನಿಟ್ಟಿನಲ್ಲಿ ಪ್ರತಿ ಜಿಲ್ಲೆಯಲ್ಲೂ ವಿಜ್ಞಾನ ಕೇಂದ್ರ ತೆರೆಯಲಾಗುವುದು. ಇದಕ್ಕಾಗಿ ಅಗತ್ಯ ಅನುದಾನ ಒದಗಿಸಲಾಗುವುದು. ವಿದ್ಯಾರ್ಥಿಗಳಲ್ಲಿ ವೈಜ್ಞಾನಿಕ ಮನೋಭಾವ ಬೆಳೆಸಲು ಈ ಕೇಂದ್ರಗಳು ಸಹಕಾರಿಯಾಗಲಿವೆ. ದೇಶಕ್ಕೆ ಸಂವಿಧಾನ ನೀಡಿದ ಡಾ. ಬಿ.ಆರ್. ಅಂಬೇಡ್ಕರ್ ಅವರ ಹೆಸರಿನಲ್ಲಿ ರಾಜ್ಯದಲ್ಲಿ ಹಲವು ಯೋಜನೆಗಳನ್ನು ಜಾರಿಗೆ ತರಲಾಗಿದೆ. ಬೆಂಗಳೂರಿನಲ್ಲಿ ವಿಜ್ಞಾನ ನಗರಿ ನಿರ್ಮಾಣಕ್ಕೆ 500 ಎಕರೆ ಭೂಮಿ ಮೀಸಲಿಡಲಾಗಿದೆ. ಕರ್ನಾಟಕ ರಾಜ್ಯ ವಿಜ್ಞಾನ ಪರಿಷತ್ ವತಿಯಿಂದ ವಿಜ್ಞಾನ ಸಮ್ಮೇಳನ ಆಯೋಜಿಸಲಾಗಿದೆ. ಕೇಂದ್ರ ಸರ್ಕಾರದ ನೆರವಿನೊಂದಿಗೆ ಈ ಯೋಜನೆ ಕಾರ್ಯರೂಪಕ್ಕೆ ಬರಲಿದೆ ಎಂದರು.
Printed by T.S. Gopinath, Published by M. Govinde Gowda on behalf of Academy Newspapers Private Limited, 15-C Industrial 'A' Layout, Bannimantap, Mysore-570 015 and Printed at Academy Newspapers Private Limited, 15-C Industrial 'A' Layout, Bannimantap, Mysore-570 015 and Published at 15-C Industrial 'A' Layout, Bannimantap, Mysore-570 015. Editor: M. Govinde Gowda Ph: 2496520 / 2496521 / 2496526 / 2496527 / 2496528. Fax: 0821-2496525. CITY OFFICES: Visweswaraya Building, III Floor, K.R. CIRCLE, MYSORE-570 001, Ph: 2431774 and No. 114, D. DEVARAJ URS ROAD (Opposite Big Bus), MYSORE-570 001. Ph: 2428695. RNI Reg. No. 36581 / 1980 E-mail address: mysoorumithra@gmail.com For advertisements: mysoorumithra@gmail.com
